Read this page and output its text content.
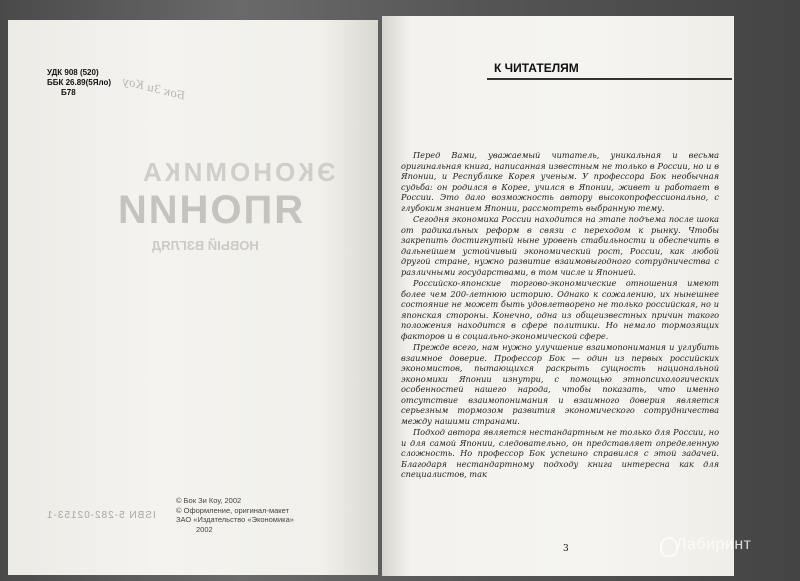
УДК 908 (520)
ББК 26.89(5Яло)
Б78	Бок Зи Коу
ЭКОНОМИКА
ЯПОНИИ
НОВЫЙ ВЗГЛЯД
ISBN 5-282-02153-1
© Бок Зи Коу, 2002
© Оформление, оригинал-макет
ЗАО «Издательство «Экономика»
2002
К ЧИТАТЕЛЯМ

Перед Вами, уважаемый читатель, уникальная и весьма оригинальная книга, написанная известным не только в России, но и в Японии, и Республике Корея ученым. У профессора Бок необычная судьба: он родился в Корее, учился в Японии, живет и работает в России. Это дало возможность автору высокопрофессионально, с глубоким знанием Японии, рассмотреть выбранную тему.

Сегодня экономика России находится на этапе подъема после шока от радикальных реформ в связи с переходом к рынку. Чтобы закрепить достигнутый ныне уровень стабильности и обеспечить в дальнейшем устойчивый экономический рост, России, как любой другой стране, нужно развитие взаимовыгодного сотрудничества с различными государствами, в том числе и Японией.

Российско-японские торгово-экономические отношения имеют более чем 200-летнюю историю. Однако к сожалению, их нынешнее состояние не может быть удовлетворено не только российская, но и японская стороны. Конечно, одна из общеизвестных причин такого положения находится в сфере политики. Но немало тормозящих факторов и в социально-экономической сфере.

Прежде всего, нам нужно улучшение взаимопонимания и углубить взаимное доверие. Профессор Бок — один из первых российских экономистов, пытающихся раскрыть сущность национальной экономики Японии изнутри, с помощью этнопсихологических особенностей нашего народа, чтобы показать, что именно отсутствие взаимопонимания и взаимного доверия является серьезным тормозом развития экономического сотрудничества между нашими странами.

Подход автора является нестандартным не только для России, но и для самой Японии, следовательно, он представляет определенную сложность. Но профессор Бок успешно справился с этой задачей. Благодаря нестандартному подходу книга интересна как для специалистов, так

3	Лабиринт
